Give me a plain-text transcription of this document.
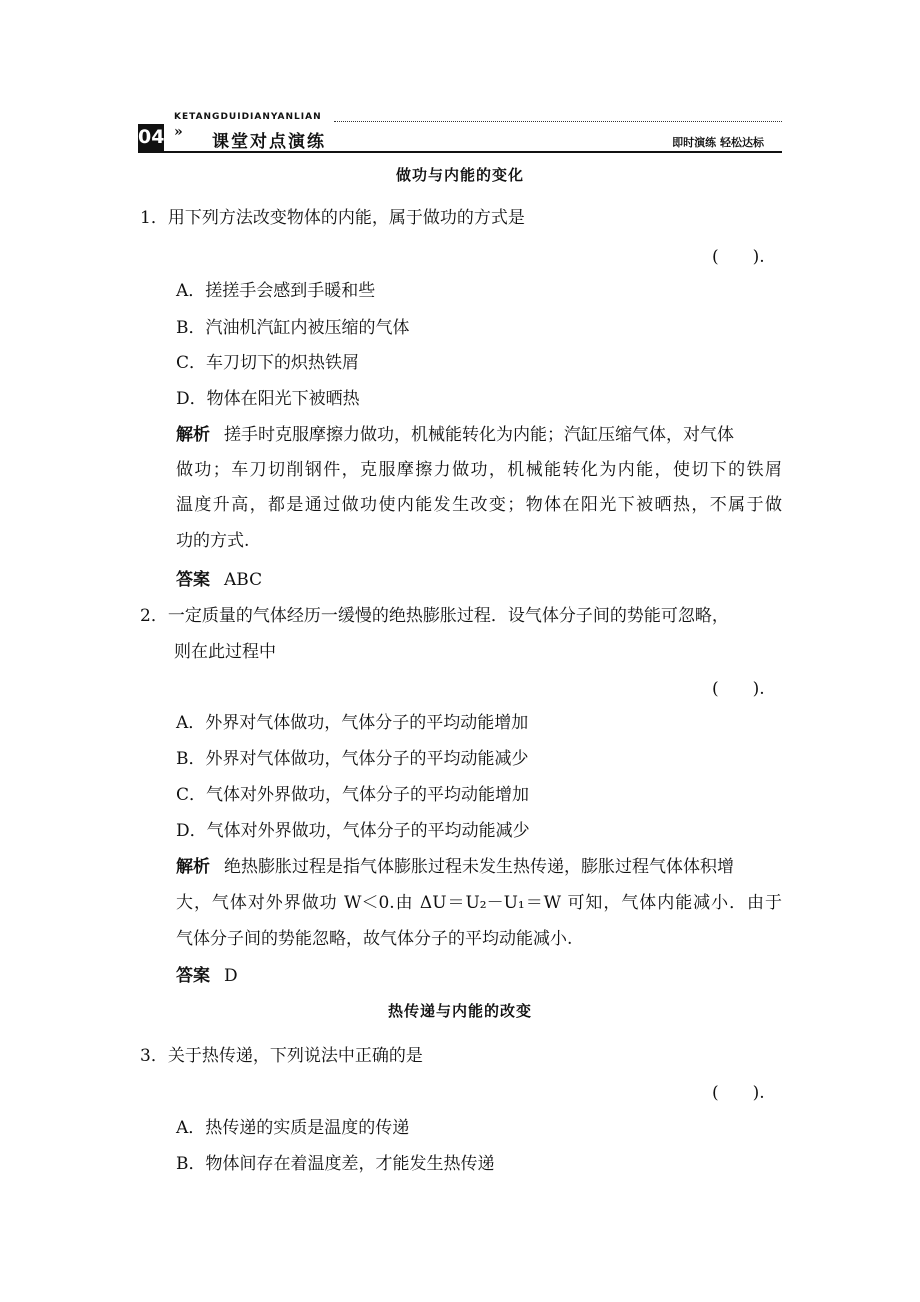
04
KETANGDUIDIANYANLIAN
» 课堂对点演练	即时演练 轻松达标
做功与内能的变化
1．用下列方法改变物体的内能，属于做功的方式是
(　　).
A．搓搓手会感到手暖和些
B．汽油机汽缸内被压缩的气体
C．车刀切下的炽热铁屑
D．物体在阳光下被晒热
解析 搓手时克服摩擦力做功，机械能转化为内能；汽缸压缩气体，对气体
做功；车刀切削钢件，克服摩擦力做功，机械能转化为内能，使切下的铁屑
温度升高，都是通过做功使内能发生改变；物体在阳光下被晒热，不属于做
功的方式.
答案 ABC
2．一定质量的气体经历一缓慢的绝热膨胀过程．设气体分子间的势能可忽略，
则在此过程中
(　　).
A．外界对气体做功，气体分子的平均动能增加
B．外界对气体做功，气体分子的平均动能减少
C．气体对外界做功，气体分子的平均动能增加
D．气体对外界做功，气体分子的平均动能减少
解析 绝热膨胀过程是指气体膨胀过程未发生热传递，膨胀过程气体体积增
大，气体对外界做功 W＜0.由 ΔU＝U₂－U₁＝W 可知，气体内能减小．由于
气体分子间的势能忽略，故气体分子的平均动能减小.
答案 D
热传递与内能的改变
3．关于热传递，下列说法中正确的是
(　　).
A．热传递的实质是温度的传递
B．物体间存在着温度差，才能发生热传递
